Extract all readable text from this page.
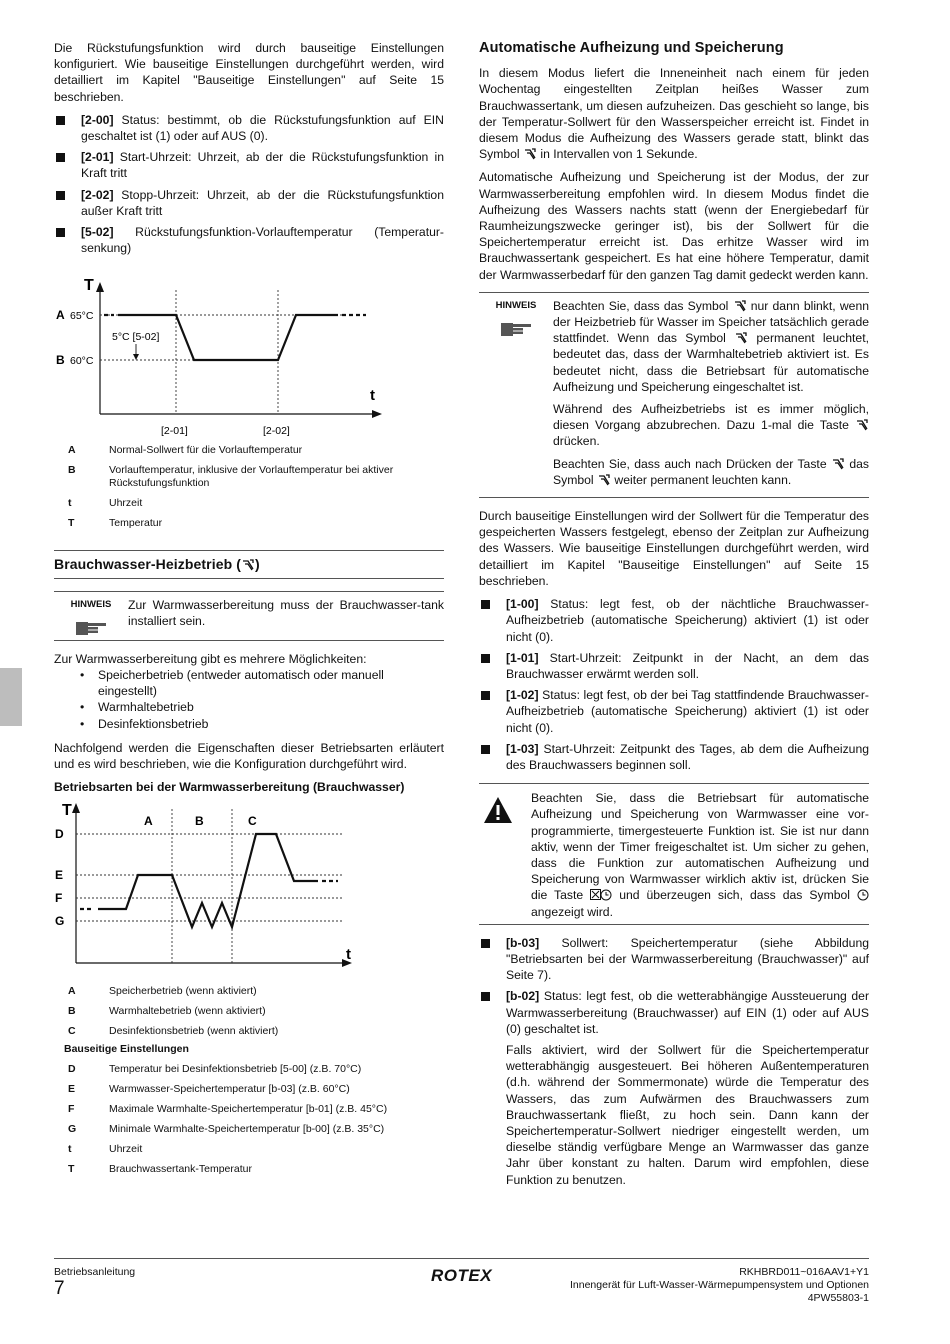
Die Rückstufungsfunktion wird durch bauseitige Einstellungen konfiguriert. Wie bauseitige Einstellungen durchgeführt werden, wird detailliert im Kapitel "Bauseitige Einstellungen" auf Seite 15 beschrieben.

[2-00] Status: bestimmt, ob die Rückstufungsfunktion auf EIN geschaltet ist (1) oder auf AUS (0).
[2-01] Start-Uhrzeit: Uhrzeit, ab der die Rückstufungsfunktion in Kraft tritt
[2-02] Stopp-Uhrzeit: Uhrzeit, ab der die Rückstufungsfunktion außer Kraft tritt
[5-02] Rückstufungsfunktion-Vorlauftemperatur (Temperatur-senkung)
T
t
A 65°C
B 60°C
5°C [5-02]
[2-01]	[2-02]
A	Normal-Sollwert für die Vorlauftemperatur
B	Vorlauftemperatur, inklusive der Vorlauftemperatur bei aktiver Rückstufungsfunktion
t	Uhrzeit
T	Temperatur
Brauchwasser-Heizbetrieb ( )
HINWEIS	Zur Warmwasserbereitung muss der Brauchwasser-tank installiert sein.

Zur Warmwasserbereitung gibt es mehrere Möglichkeiten:

• Speicherbetrieb (entweder automatisch oder manuell eingestellt)
• Warmhaltebetrieb
• Desinfektionsbetrieb

Nachfolgend werden die Eigenschaften dieser Betriebsarten erläutert und es wird beschrieben, wie die Konfiguration durchgeführt wird.

Betriebsarten bei der Warmwasserbereitung (Brauchwasser)
T
t
D
E
F
G
A	B	C
A	Speicherbetrieb (wenn aktiviert)
B	Warmhaltebetrieb (wenn aktiviert)
C	Desinfektionsbetrieb (wenn aktiviert)
Bauseitige Einstellungen
D	Temperatur bei Desinfektionsbetrieb [5-00] (z.B. 70°C)
E	Warmwasser-Speichertemperatur [b-03] (z.B. 60°C)
F	Maximale Warmhalte-Speichertemperatur [b-01] (z.B. 45°C)
G	Minimale Warmhalte-Speichertemperatur [b-00] (z.B. 35°C)
t	Uhrzeit
T	Brauchwassertank-Temperatur
Automatische Aufheizung und Speicherung

In diesem Modus liefert die Inneneinheit nach einem für jeden Wochentag eingestellten Zeitplan heißes Wasser zum Brauchwassertank, um diesen aufzuheizen. Das geschieht so lange, bis der Temperatur-Sollwert für den Wasserspeicher erreicht ist. Findet in diesem Modus die Aufheizung des Wassers gerade statt, blinkt das Symbol  in Intervallen von 1 Sekunde.

Automatische Aufheizung und Speicherung ist der Modus, der zur Warmwasserbereitung empfohlen wird. In diesem Modus findet die Aufheizung des Wassers nachts statt (wenn der Energiebedarf für Raumheizungszwecke geringer ist), bis der Sollwert für die Speichertemperatur erreicht ist. Das erhitze Wasser wird im Brauchwassertank gespeichert. Es hat eine höhere Temperatur, damit der Warmwasserbedarf für den ganzen Tag damit gedeckt werden kann.

HINWEIS	Beachten Sie, dass das Symbol  nur dann blinkt, wenn der Heizbetrieb für Wasser im Speicher tatsächlich gerade stattfindet. Wenn das Symbol  permanent leuchtet, bedeutet das, dass der Warmhaltebetrieb aktiviert ist. Es bedeutet nicht, dass die Betriebsart für automatische Aufheizung und Speicherung eingeschaltet ist.

Während des Aufheizbetriebs ist es immer möglich, diesen Vorgang abzubrechen. Dazu 1-mal die Taste  drücken.

Beachten Sie, dass auch nach Drücken der Taste  das Symbol  weiter permanent leuchten kann.

Durch bauseitige Einstellungen wird der Sollwert für die Temperatur des gespeicherten Wassers festgelegt, ebenso der Zeitplan zur Aufheizung des Wassers. Wie bauseitige Einstellungen durchgeführt werden, wird detailliert im Kapitel "Bauseitige Einstellungen" auf Seite 15 beschrieben.

[1-00] Status: legt fest, ob der nächtliche Brauchwasser-Aufheizbetrieb (automatische Speicherung) aktiviert (1) ist oder nicht (0).
[1-01] Start-Uhrzeit: Zeitpunkt in der Nacht, an dem das Brauchwasser erwärmt werden soll.
[1-02] Status: legt fest, ob der bei Tag stattfindende Brauchwasser-Aufheizbetrieb (automatische Speicherung) aktiviert (1) ist oder nicht (0).
[1-03] Start-Uhrzeit: Zeitpunkt des Tages, ab dem die Aufheizung des Brauchwassers beginnen soll.

Beachten Sie, dass die Betriebsart für automatische Aufheizung und Speicherung von Warmwasser eine vor-programmierte, timergesteuerte Funktion ist. Sie ist nur dann aktiv, wenn der Timer freigeschaltet ist. Um sicher zu gehen, dass die Funktion zur automatischen Aufheizung und Speicherung von Warmwasser wirklich aktiv ist, drücken Sie die Taste  und überzeugen sich, dass das Symbol  angezeigt wird.

[b-03] Sollwert: Speichertemperatur (siehe Abbildung "Betriebsarten bei der Warmwasserbereitung (Brauchwasser)" auf Seite 7).
[b-02] Status: legt fest, ob die wetterabhängige Aussteuerung der Warmwasserbereitung (Brauchwasser) auf EIN (1) oder auf AUS (0) geschaltet ist.

Falls aktiviert, wird der Sollwert für die Speichertemperatur wetterabhängig ausgesteuert. Bei höheren Außentemperaturen (d.h. während der Sommermonate) würde die Temperatur des Wassers, das zum Aufwärmen des Brauchwassers zum Brauchwassertank fließt, zu hoch sein. Dann kann der Speichertemperatur-Sollwert niedriger eingestellt werden, um dieselbe ständig verfügbare Menge an Warmwasser das ganze Jahr über konstant zu halten. Darum wird empfohlen, diese Funktion zu benutzen.

Betriebsanleitung
7
ROTEX	RKHBRD011~016AAV1+Y1
Innengerät für Luft-Wasser-Wärmepumpensystem und Optionen
4PW55803-1
